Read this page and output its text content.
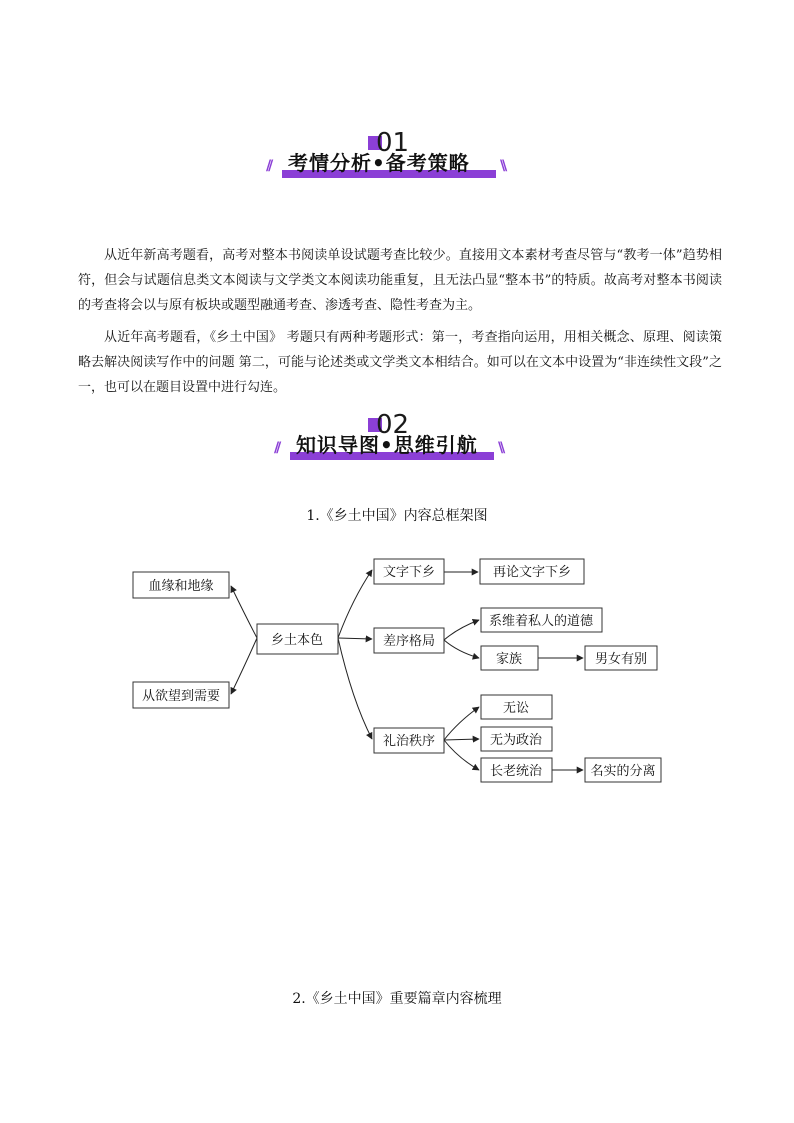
01
// 考情分析•备考策略 \\

从近年新高考题看，高考对整本书阅读单设试题考查比较少。直接用文本素材考查尽管与“教考一体”趋势相符，但会与试题信息类文本阅读与文学类文本阅读功能重复，且无法凸显“整本书”的特质。故高考对整本书阅读的考查将会以与原有板块或题型融通考查、渗透考查、隐性考查为主。

从近年高考题看，《乡土中国》 考题只有两种考题形式：第一，考查指向运用，用相关概念、原理、阅读策略去解决阅读写作中的问题 第二，可能与论述类或文学类文本相结合。如可以在文本中设置为“非连续性文段”之一，也可以在题目设置中进行勾连。

02
// 知识导图•思维引航 \\
1.《乡土中国》内容总框架图
血缘和地缘
从欲望到需要
乡土本色
文字下乡	再论文字下乡
差序格局
系维着私人的道德
家族	男女有别
礼治秩序
无讼
无为政治
长老统治	名实的分离
2.《乡土中国》重要篇章内容梳理
